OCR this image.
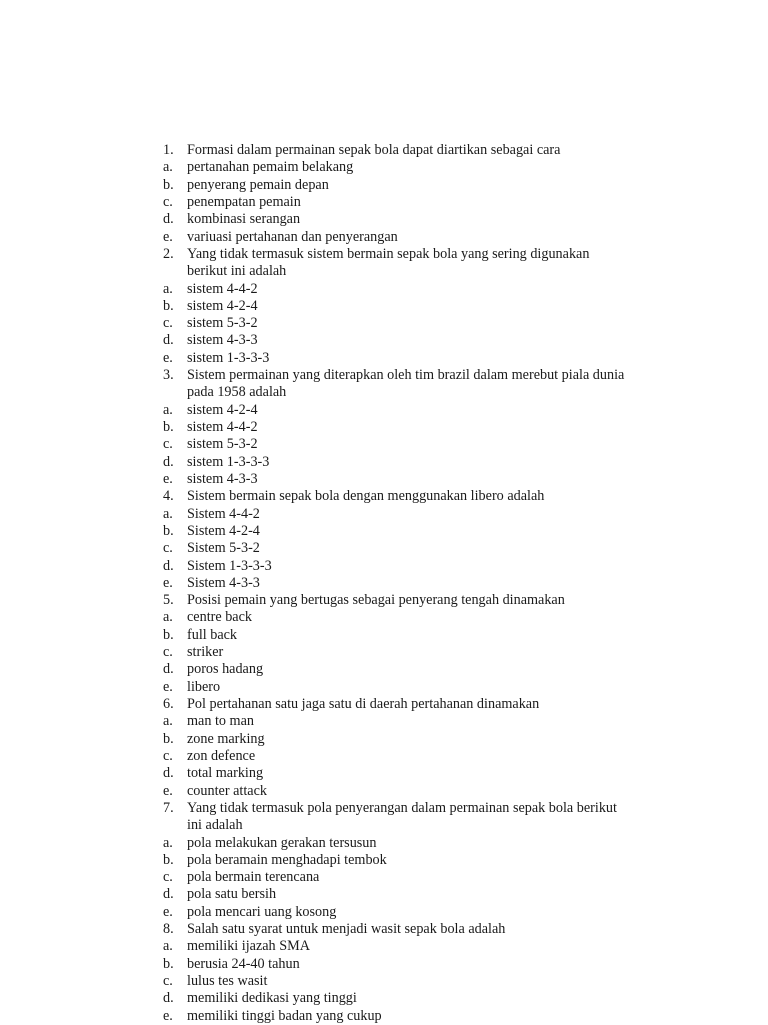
1. Formasi dalam permainan sepak bola dapat diartikan sebagai cara
a. pertanahan pemaim belakang
b. penyerang pemain depan
c. penempatan pemain
d. kombinasi serangan
e. variuasi pertahanan dan penyerangan
2. Yang tidak termasuk sistem bermain sepak bola yang sering digunakan
berikut ini adalah
a. sistem 4-4-2
b. sistem 4-2-4
c. sistem 5-3-2
d. sistem 4-3-3
e. sistem 1-3-3-3
3. Sistem permainan yang diterapkan oleh tim brazil dalam merebut piala dunia
pada 1958 adalah
a. sistem 4-2-4
b. sistem 4-4-2
c. sistem 5-3-2
d. sistem 1-3-3-3
e. sistem 4-3-3
4. Sistem bermain sepak bola dengan menggunakan libero adalah
a. Sistem 4-4-2
b. Sistem 4-2-4
c. Sistem 5-3-2
d. Sistem 1-3-3-3
e. Sistem 4-3-3
5. Posisi pemain yang bertugas sebagai penyerang tengah dinamakan
a. centre back
b. full back
c. striker
d. poros hadang
e. libero
6. Pol pertahanan satu jaga satu di daerah pertahanan dinamakan
a. man to man
b. zone marking
c. zon defence
d. total marking
e. counter attack
7. Yang tidak termasuk pola penyerangan dalam permainan sepak bola berikut
ini adalah
a. pola melakukan gerakan tersusun
b. pola beramain menghadapi tembok
c. pola bermain terencana
d. pola satu bersih
e. pola mencari uang kosong
8. Salah satu syarat untuk menjadi wasit sepak bola adalah
a. memiliki ijazah SMA
b. berusia 24-40 tahun
c. lulus tes wasit
d. memiliki dedikasi yang tinggi
e. memiliki tinggi badan yang cukup
